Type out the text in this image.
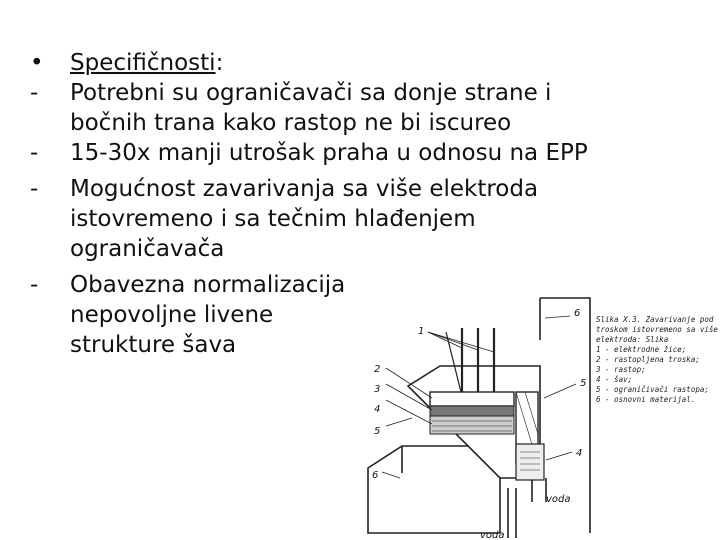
•	Specifičnosti:
-	Potrebni su ograničavači sa donje strane i
bočnih trana kako rastop ne bi iscureo
-	15-30x manji utrošak praha u odnosu na EPP
-	Mogućnost zavarivanja sa više elektroda
istovremeno i sa tečnim hlađenjem
ograničavača
-	Obavezna normalizacija
nepovoljne livene
strukture šava
1
6
2
3
4
5
6
5
4
voda
voda
Slika X.3. Zavarivanje pod
troskom istovremeno sa više
elektroda: Slika
1 - elektrodne žice;
2 - rastopljena troska;
3 - rastop;
4 - šav;
5 - ograničivači rastopa;
6 - osnovni materijal.
